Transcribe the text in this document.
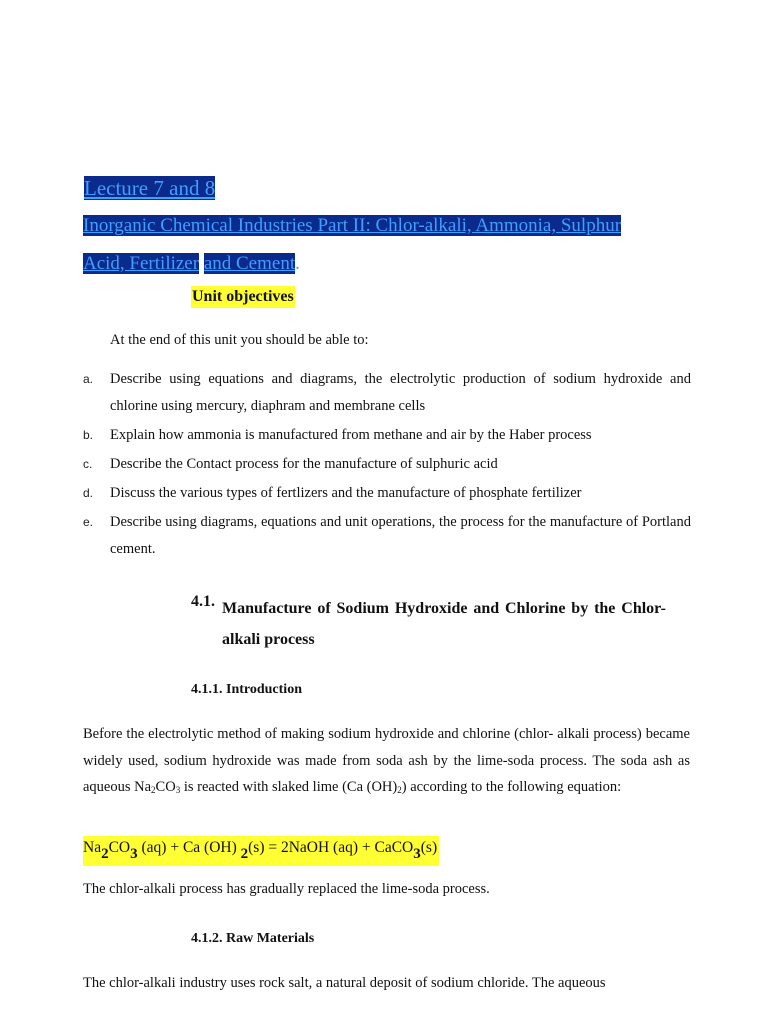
Lecture 7 and 8
Inorganic Chemical Industries Part II: Chlor-alkali, Ammonia, Sulphur
Acid, Fertilizer and Cement.
Unit objectives
At the end of this unit you should be able to:
a. Describe using equations and diagrams, the electrolytic production of sodium hydroxide and chlorine using mercury, diaphram and membrane cells
b. Explain how ammonia is manufactured from methane and air by the Haber process
c. Describe the Contact process for the manufacture of sulphuric acid
d. Discuss the various types of fertlizers and the manufacture of phosphate fertilizer
e. Describe using diagrams, equations and unit operations, the process for the manufacture of Portland cement.
4.1. Manufacture of Sodium Hydroxide and Chlorine by the Chlor-alkali process
4.1.1. Introduction
Before the electrolytic method of making sodium hydroxide and chlorine (chlor- alkali process) became widely used, sodium hydroxide was made from soda ash by the lime-soda process. The soda ash as aqueous $Na_2CO_3$ is reacted with slaked lime (Ca $(OH)_2$) according to the following equation:
$Na_2CO_3$ (aq) + Ca (OH) $_2$(s) = 2NaOH (aq) + CaCO$_3$(s)
The chlor-alkali process has gradually replaced the lime-soda process.
4.1.2. Raw Materials
The chlor-alkali industry uses rock salt, a natural deposit of sodium chloride. The aqueous
